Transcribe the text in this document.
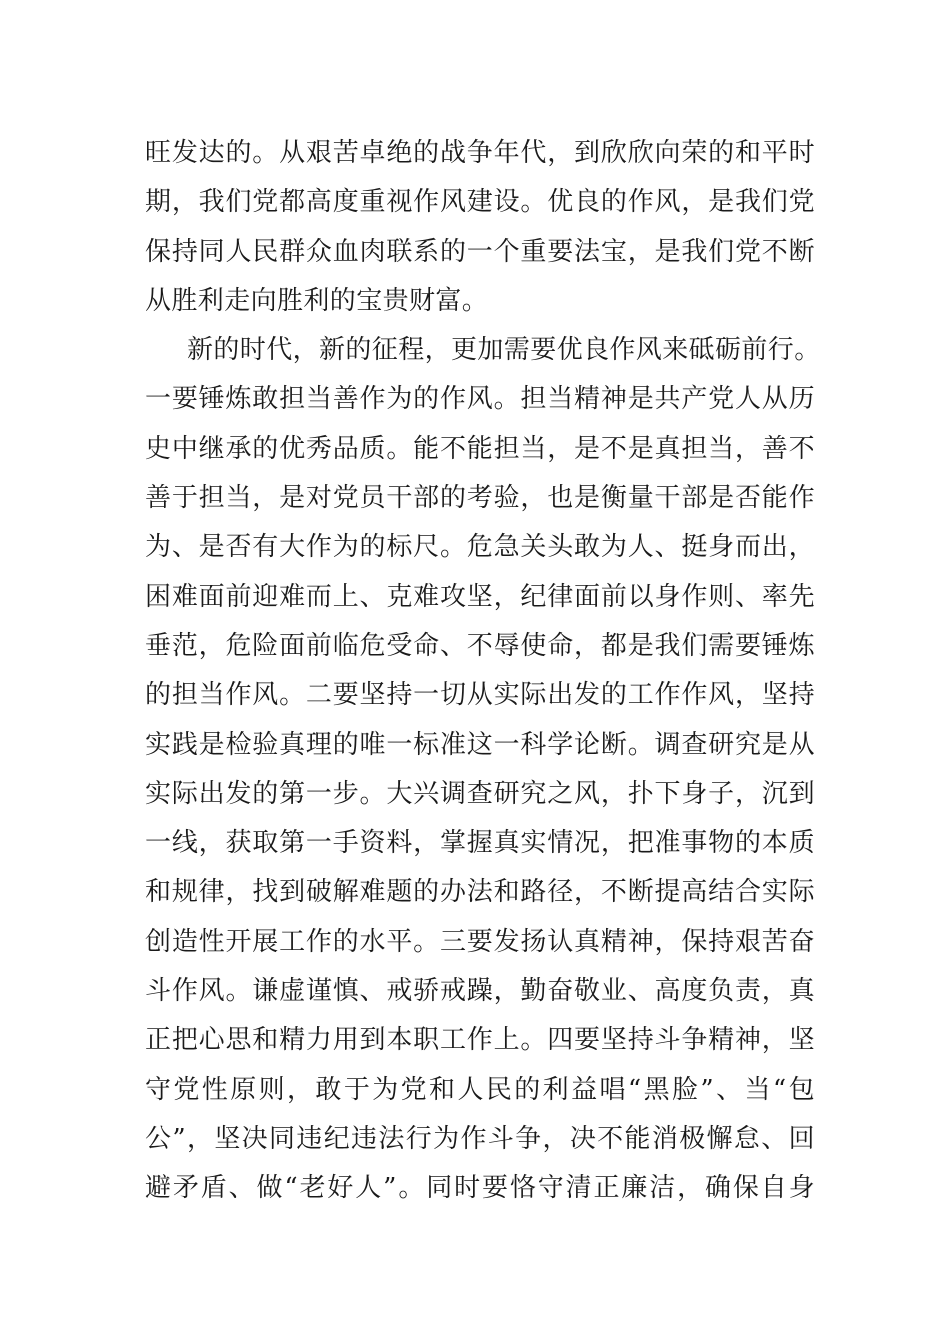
旺发达的。从艰苦卓绝的战争年代，到欣欣向荣的和平时
期，我们党都高度重视作风建设。优良的作风，是我们党
保持同人民群众血肉联系的一个重要法宝，是我们党不断
从胜利走向胜利的宝贵财富。
新的时代，新的征程，更加需要优良作风来砥砺前行。
一要锤炼敢担当善作为的作风。担当精神是共产党人从历
史中继承的优秀品质。能不能担当，是不是真担当，善不
善于担当，是对党员干部的考验，也是衡量干部是否能作
为、是否有大作为的标尺。危急关头敢为人、挺身而出，
困难面前迎难而上、克难攻坚，纪律面前以身作则、率先
垂范，危险面前临危受命、不辱使命，都是我们需要锤炼
的担当作风。二要坚持一切从实际出发的工作作风，坚持
实践是检验真理的唯一标准这一科学论断。调查研究是从
实际出发的第一步。大兴调查研究之风，扑下身子，沉到
一线，获取第一手资料，掌握真实情况，把准事物的本质
和规律，找到破解难题的办法和路径，不断提高结合实际
创造性开展工作的水平。三要发扬认真精神，保持艰苦奋
斗作风。谦虚谨慎、戒骄戒躁，勤奋敬业、高度负责，真
正把心思和精力用到本职工作上。四要坚持斗争精神，坚
守党性原则，敢于为党和人民的利益唱“黑脸”、当“包
公”，坚决同违纪违法行为作斗争，决不能消极懈怠、回
避矛盾、做“老好人”。同时要恪守清正廉洁，确保自身
